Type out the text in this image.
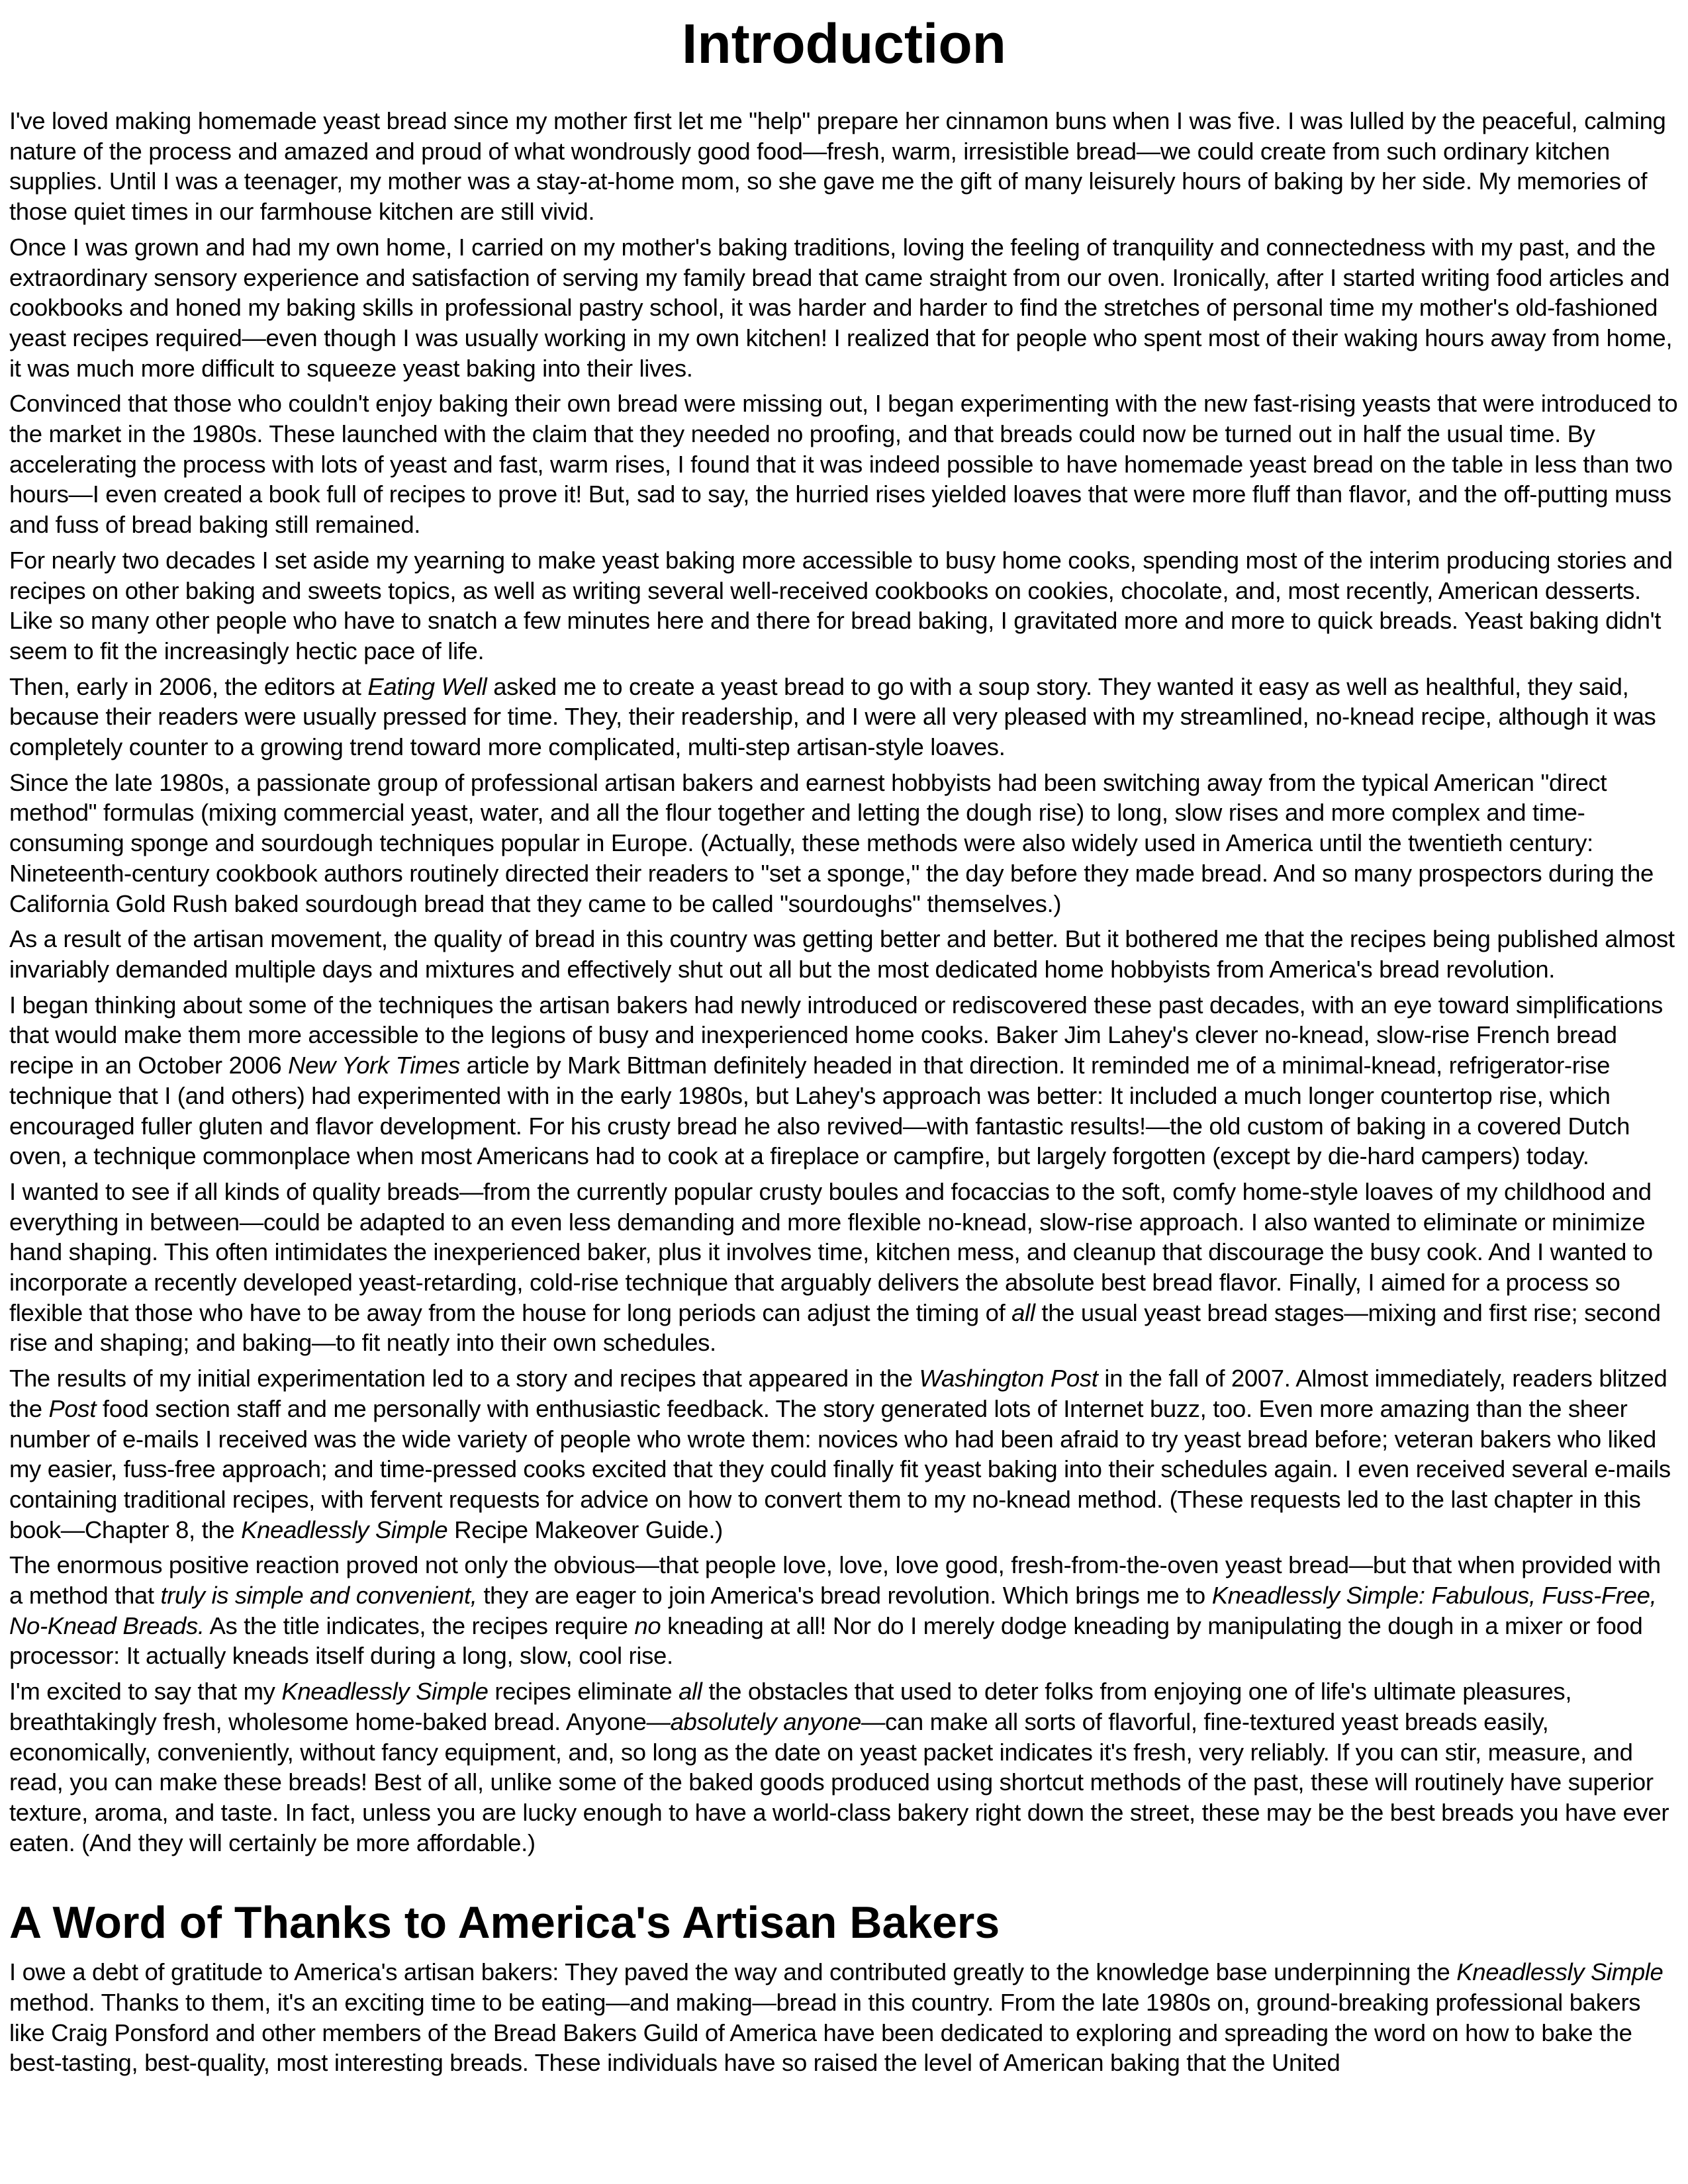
Introduction

I've loved making homemade yeast bread since my mother first let me "help" prepare her cinnamon buns when I was five. I was lulled by the peaceful, calming nature of the process and amazed and proud of what wondrously good food—fresh, warm, irresistible bread—we could create from such ordinary kitchen supplies. Until I was a teenager, my mother was a stay-at-home mom, so she gave me the gift of many leisurely hours of baking by her side. My memories of those quiet times in our farmhouse kitchen are still vivid.

Once I was grown and had my own home, I carried on my mother's baking traditions, loving the feeling of tranquility and connectedness with my past, and the extraordinary sensory experience and satisfaction of serving my family bread that came straight from our oven. Ironically, after I started writing food articles and cookbooks and honed my baking skills in professional pastry school, it was harder and harder to find the stretches of personal time my mother's old-fashioned yeast recipes required—even though I was usually working in my own kitchen! I realized that for people who spent most of their waking hours away from home, it was much more difficult to squeeze yeast baking into their lives.

Convinced that those who couldn't enjoy baking their own bread were missing out, I began experimenting with the new fast-rising yeasts that were introduced to the market in the 1980s. These launched with the claim that they needed no proofing, and that breads could now be turned out in half the usual time. By accelerating the process with lots of yeast and fast, warm rises, I found that it was indeed possible to have homemade yeast bread on the table in less than two hours—I even created a book full of recipes to prove it! But, sad to say, the hurried rises yielded loaves that were more fluff than flavor, and the off-putting muss and fuss of bread baking still remained.

For nearly two decades I set aside my yearning to make yeast baking more accessible to busy home cooks, spending most of the interim producing stories and recipes on other baking and sweets topics, as well as writing several well-received cookbooks on cookies, chocolate, and, most recently, American desserts. Like so many other people who have to snatch a few minutes here and there for bread baking, I gravitated more and more to quick breads. Yeast baking didn't seem to fit the increasingly hectic pace of life.

Then, early in 2006, the editors at Eating Well asked me to create a yeast bread to go with a soup story. They wanted it easy as well as healthful, they said, because their readers were usually pressed for time. They, their readership, and I were all very pleased with my streamlined, no-knead recipe, although it was completely counter to a growing trend toward more complicated, multi-step artisan-style loaves.

Since the late 1980s, a passionate group of professional artisan bakers and earnest hobbyists had been switching away from the typical American "direct method" formulas (mixing commercial yeast, water, and all the flour together and letting the dough rise) to long, slow rises and more complex and time-consuming sponge and sourdough techniques popular in Europe. (Actually, these methods were also widely used in America until the twentieth century: Nineteenth-century cookbook authors routinely directed their readers to "set a sponge," the day before they made bread. And so many prospectors during the California Gold Rush baked sourdough bread that they came to be called "sourdoughs" themselves.)

As a result of the artisan movement, the quality of bread in this country was getting better and better. But it bothered me that the recipes being published almost invariably demanded multiple days and mixtures and effectively shut out all but the most dedicated home hobbyists from America's bread revolution.

I began thinking about some of the techniques the artisan bakers had newly introduced or rediscovered these past decades, with an eye toward simplifications that would make them more accessible to the legions of busy and inexperienced home cooks. Baker Jim Lahey's clever no-knead, slow-rise French bread recipe in an October 2006 New York Times article by Mark Bittman definitely headed in that direction. It reminded me of a minimal-knead, refrigerator-rise technique that I (and others) had experimented with in the early 1980s, but Lahey's approach was better: It included a much longer countertop rise, which encouraged fuller gluten and flavor development. For his crusty bread he also revived—with fantastic results!—the old custom of baking in a covered Dutch oven, a technique commonplace when most Americans had to cook at a fireplace or campfire, but largely forgotten (except by die-hard campers) today.

I wanted to see if all kinds of quality breads—from the currently popular crusty boules and focaccias to the soft, comfy home-style loaves of my childhood and everything in between—could be adapted to an even less demanding and more flexible no-knead, slow-rise approach. I also wanted to eliminate or minimize hand shaping. This often intimidates the inexperienced baker, plus it involves time, kitchen mess, and cleanup that discourage the busy cook. And I wanted to incorporate a recently developed yeast-retarding, cold-rise technique that arguably delivers the absolute best bread flavor. Finally, I aimed for a process so flexible that those who have to be away from the house for long periods can adjust the timing of all the usual yeast bread stages—mixing and first rise; second rise and shaping; and baking—to fit neatly into their own schedules.

The results of my initial experimentation led to a story and recipes that appeared in the Washington Post in the fall of 2007. Almost immediately, readers blitzed the Post food section staff and me personally with enthusiastic feedback. The story generated lots of Internet buzz, too. Even more amazing than the sheer number of e-mails I received was the wide variety of people who wrote them: novices who had been afraid to try yeast bread before; veteran bakers who liked my easier, fuss-free approach; and time-pressed cooks excited that they could finally fit yeast baking into their schedules again. I even received several e-mails containing traditional recipes, with fervent requests for advice on how to convert them to my no-knead method. (These requests led to the last chapter in this book—Chapter 8, the Kneadlessly Simple Recipe Makeover Guide.)

The enormous positive reaction proved not only the obvious—that people love, love, love good, fresh-from-the-oven yeast bread—but that when provided with a method that truly is simple and convenient, they are eager to join America's bread revolution. Which brings me to Kneadlessly Simple: Fabulous, Fuss-Free, No-Knead Breads. As the title indicates, the recipes require no kneading at all! Nor do I merely dodge kneading by manipulating the dough in a mixer or food processor: It actually kneads itself during a long, slow, cool rise.

I'm excited to say that my Kneadlessly Simple recipes eliminate all the obstacles that used to deter folks from enjoying one of life's ultimate pleasures, breathtakingly fresh, wholesome home-baked bread. Anyone—absolutely anyone—can make all sorts of flavorful, fine-textured yeast breads easily, economically, conveniently, without fancy equipment, and, so long as the date on yeast packet indicates it's fresh, very reliably. If you can stir, measure, and read, you can make these breads! Best of all, unlike some of the baked goods produced using shortcut methods of the past, these will routinely have superior texture, aroma, and taste. In fact, unless you are lucky enough to have a world-class bakery right down the street, these may be the best breads you have ever eaten. (And they will certainly be more affordable.)

A Word of Thanks to America's Artisan Bakers

I owe a debt of gratitude to America's artisan bakers: They paved the way and contributed greatly to the knowledge base underpinning the Kneadlessly Simple method. Thanks to them, it's an exciting time to be eating—and making—bread in this country. From the late 1980s on, ground-breaking professional bakers like Craig Ponsford and other members of the Bread Bakers Guild of America have been dedicated to exploring and spreading the word on how to bake the best-tasting, best-quality, most interesting breads. These individuals have so raised the level of American baking that the United
